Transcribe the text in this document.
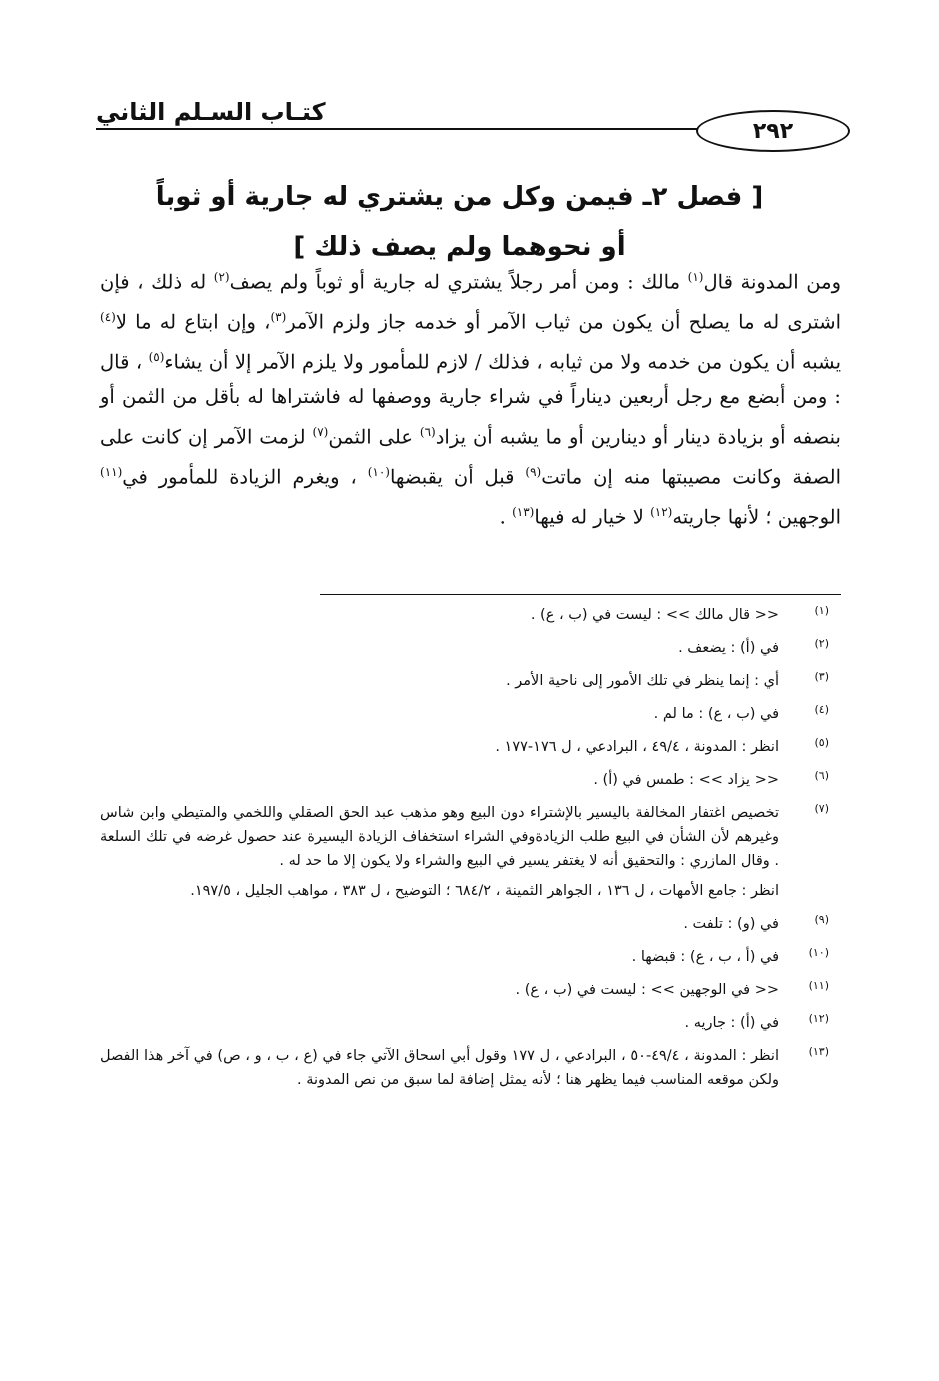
كتـاب السـلم الثاني
٢٩٢
[ فصل ٢ـ فيمن وكل من يشتري له جارية أو ثوباً
أو نحوهما ولم يصف ذلك ]
ومن المدونة قال$^{(١)}$ مالك : ومن أمر رجلاً يشتري له جارية أو ثوباً ولم يصف$^{(٢)}$ له ذلك ، فإن اشترى له ما يصلح أن يكون من ثياب الآمر أو خدمه جاز ولزم الآمر$^{(٣)}$، وإن ابتاع له ما لا$^{(٤)}$ يشبه أن يكون من خدمه ولا من ثيابه ، فذلك / لازم للمأمور ولا يلزم الآمر إلا أن يشاء$^{(٥)}$ ، قال : ومن أبضع مع رجل أربعين ديناراً في شراء جارية ووصفها له فاشتراها له بأقل من الثمن أو بنصفه أو بزيادة دينار أو دينارين أو ما يشبه أن يزاد$^{(٦)}$ على الثمن$^{(٧)}$ لزمت الآمر إن كانت على الصفة وكانت مصيبتها منه إن ماتت$^{(٩)}$ قبل أن يقبضها$^{(١٠)}$ ، ويغرم الزيادة للمأمور في$^{(١١)}$ الوجهين ؛ لأنها جاريته$^{(١٢)}$ لا خيار له فيها$^{(١٣)}$ .
(١)
<< قال مالك >> : ليست في (ب ، ع) .
(٢)
في (أ) : يضعف .
(٣)
أي : إنما ينظر في تلك الأمور إلى ناحية الأمر .
(٤)
في (ب ، ع) : ما لم .
(٥)
انظر : المدونة ، ٤٩/٤ ، البرادعي ، ل ١٧٦-١٧٧ .
(٦)
<< يزاد >> : طمس في (أ) .
(٧)
تخصيص اغتفار المخالفة باليسير بالإشتراء دون البيع وهو مذهب عبد الحق الصقلي واللخمي والمتيطي وابن شاس وغيرهم لأن الشأن في البيع طلب الزيادةوفي الشراء استخفاف الزيادة اليسيرة عند حصول غرضه في تلك السلعة . وقال المازري : والتحقيق أنه لا يغتفر يسير في البيع والشراء ولا يكون إلا ما حد له .
انظر : جامع الأمهات ، ل ١٣٦ ، الجواهر الثمينة ، ٦٨٤/٢ ؛ التوضيح ، ل ٣٨٣ ، مواهب الجليل ، ١٩٧/٥.
(٩)
في (و) : تلفت .
(١٠)
في (أ ، ب ، ع) : قبضها .
(١١)
<< في الوجهين >> : ليست في (ب ، ع) .
(١٢)
في (أ) : جاريه .
(١٣)
انظر : المدونة ، ٤٩/٤-٥٠ ، البرادعي ، ل ١٧٧ وقول أبي اسحاق الآتي جاء في (ع ، ب ، و ، ص) في آخر هذا الفصل ولكن موقعه المناسب فيما يظهر هنا ؛ لأنه يمثل إضافة لما سبق من نص المدونة .
